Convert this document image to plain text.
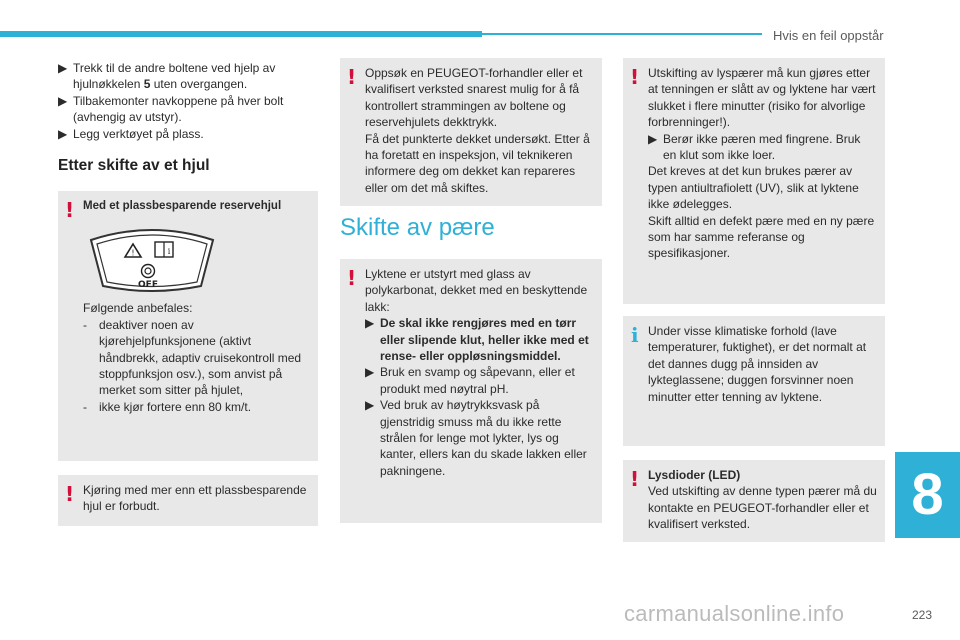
Hvis en feil oppstår
▶ Trekk til de andre boltene ved hjelp av hjulnøkkelen 5 uten overgangen.
▶ Tilbakemonter navkoppene på hver bolt (avhengig av utstyr).
▶ Legg verktøyet på plass.
Etter skifte av et hjul
! Med et plassbesparende reservehjul

!	i
OFF

Følgende anbefales:

-	deaktiver noen av kjørehjelpfunksjonene (aktivt håndbrekk, adaptiv cruisekontroll med stoppfunksjon osv.), som anvist på merket som sitter på hjulet,
-	ikke kjør fortere enn 80 km/t.
! Kjøring med mer enn ett plassbesparende hjul er forbudt.

! Oppsøk en PEUGEOT-forhandler eller et kvalifisert verksted snarest mulig for å få kontrollert strammingen av boltene og reservehjulets dekktrykk.

Få det punkterte dekket undersøkt. Etter å ha foretatt en inspeksjon, vil teknikeren informere deg om dekket kan repareres eller om det må skiftes.

Skifte av pære
! Lyktene er utstyrt med glass av polykarbonat, dekket med en beskyttende lakk:

▶ De skal ikke rengjøres med en tørr eller slipende klut, heller ikke med et rense- eller oppløsningsmiddel.
▶ Bruk en svamp og såpevann, eller et produkt med nøytral pH.
▶ Ved bruk av høytrykksvask på gjenstridig smuss må du ikke rette strålen for lenge mot lykter, lys og kanter, ellers kan du skade lakken eller pakningene.
! Utskifting av lyspærer må kun gjøres etter at tenningen er slått av og lyktene har vært slukket i flere minutter (risiko for alvorlige forbrenninger!).

▶ Berør ikke pæren med fingrene. Bruk en klut som ikke loer.

Det kreves at det kun brukes pærer av typen antiultrafiolett (UV), slik at lyktene ikke ødelegges.

Skift alltid en defekt pære med en ny pære som har samme referanse og spesifikasjoner.

i Under visse klimatiske forhold (lave temperaturer, fuktighet), er det normalt at det dannes dugg på innsiden av lykteglassene; duggen forsvinner noen minutter etter tenning av lyktene.

! Lysdioder (LED)

Ved utskifting av denne typen pærer må du kontakte en PEUGEOT-forhandler eller et kvalifisert verksted.	8
carmanualsonline.info	223
